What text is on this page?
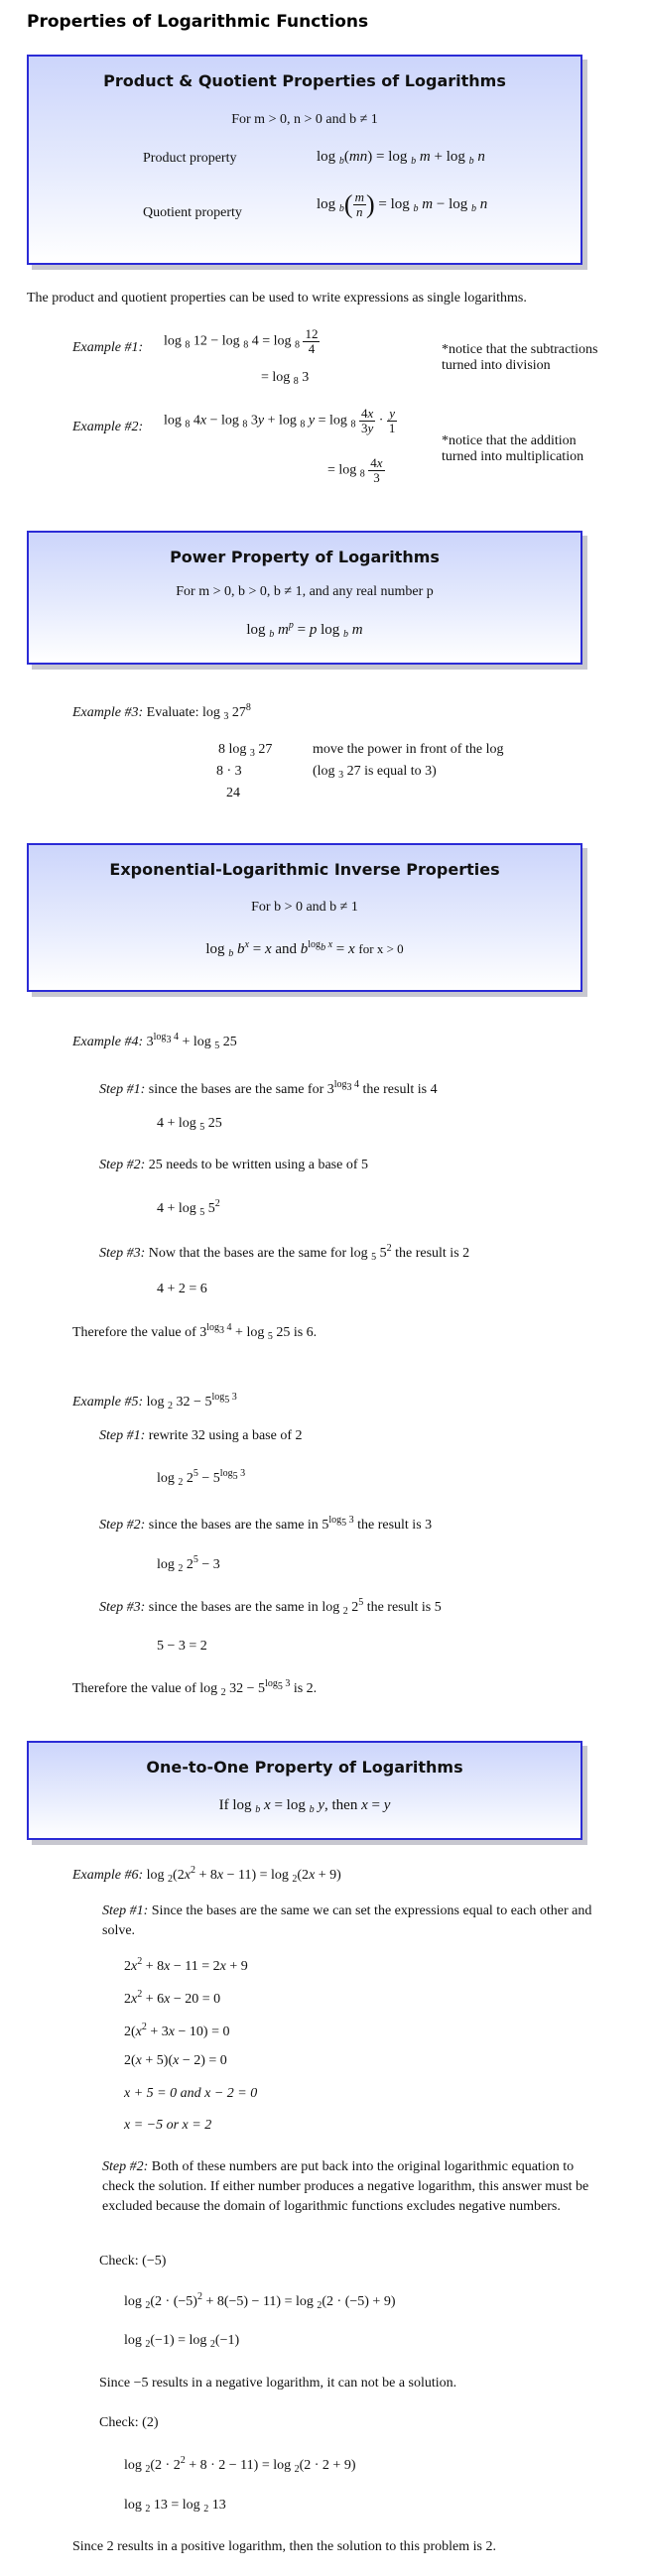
Properties of Logarithmic Functions
Product & Quotient Properties of Logarithms
For m > 0, n > 0 and b ≠ 1
Product property	log $_b$(mn) = log $_b$ m + log $_b$ n
Quotient property
$\log _b( \frac{m}{n}$ ) = log $_b$ m − log $_b$ n
The product and quotient properties can be used to write expressions as single logarithms.
Example #1: log $_8$ 12 − log $_8$ $4 = \log _8 \frac{12}{4}$
= log $_8$ 3
*notice that the subtractions
turned into division
Example #2: log $_8$ 4x − log $_8$ 3y + log $_8$ $y = \log _8 \frac{4x}{3y} \cdot \frac{y}{1}$
= $\log _8 \frac{4x}{3}$
*notice that the addition
turned into multiplication
Power Property of Logarithms
For m > 0, b > 0, b ≠ 1, and any real number p
log $_b$ $m^p = p$ log $_b$ m
Example #3: Evaluate: log $_3$ $27^8$
8 log $_3$ 27
8 · 3
24
move the power in front of the log
(log $_3$ 27 is equal to 3)
Exponential-Logarithmic Inverse Properties
For b > 0 and b ≠ 1
log $_b$ $b^x = x$ and $b^{log_b x} = x$ for x > 0
Example #4: $3^{log_3 4} + \log _5$ 25
Step #1: since the bases are the same for $3^{log_3 4}$ the result is 4
4 + log $_5$ 25
Step #2: 25 needs to be written using a base of 5
4 + log $_5$ $5^2$
Step #3: Now that the bases are the same for log $_5$ $5^2$ the result is 2
4 + 2 = 6
Therefore the value of $3^{log_3 4} + \log _5$ 25 is 6.
Example #5: log $_2$ $32 - 5^{log_5 3}$
Step #1: rewrite 32 using a base of 2
log $_2$ $2^5 - 5^{log_5 3}$
Step #2: since the bases are the same in $5^{log_5 3}$ the result is 3
log $_2$ $2^5 - 3$
Step #3: since the bases are the same in log $_2$ $2^5$ the result is 5
5 − 3 = 2
Therefore the value of log $_2$ $32 - 5^{log_5 3}$ is 2.
One-to-One Property of Logarithms
If log $_b$ x = log $_b$ y, then x = y
Example #6: $\log _2(2x^2 + 8x - 11) = \log _2(2x + 9)$
Step #1: Since the bases are the same we can set the expressions equal to each other and solve.
$2x^2 + 8x - 11 = 2x + 9$
$2x^2 + 6x - 20 = 0$
$2(x^2 + 3x - 10) = 0$
2(x + 5)(x − 2) = 0
x + 5 = 0 and x − 2 = 0
x = −5 or x = 2
Step #2: Both of these numbers are put back into the original logarithmic equation to check the solution. If either number produces a negative logarithm, this answer must be excluded because the domain of logarithmic functions excludes negative numbers.
Check: (−5)
$\log _2(2 \cdot (-5)^2 + 8(-5) - 11) = \log _2(2 \cdot (-5) + 9)$
log $_2$(−1) = log $_2$(−1)
Since −5 results in a negative logarithm, it can not be a solution.
Check: (2)
$\log _2(2 \cdot 2^2 + 8 \cdot 2 - 11) = \log _2(2 \cdot 2 + 9)$
log $_2$ 13 = log $_2$ 13
Since 2 results in a positive logarithm, then the solution to this problem is 2.
